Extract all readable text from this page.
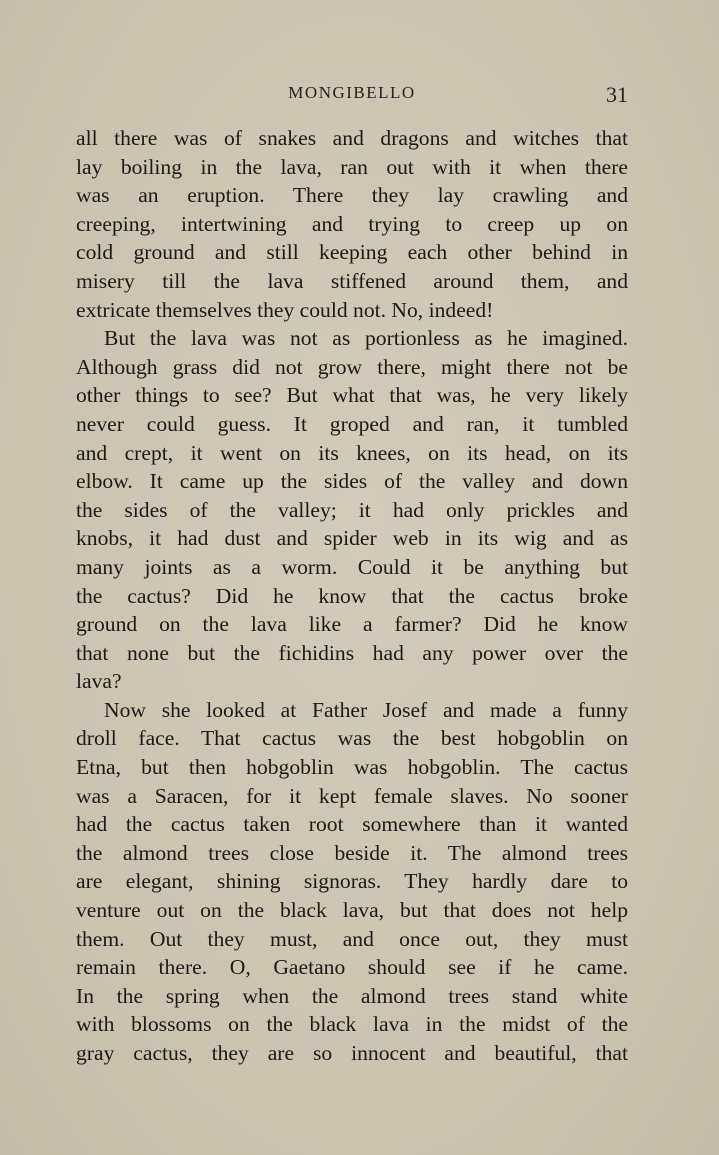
MONGIBELLO	31
all there was of snakes and dragons and witches that
lay boiling in the lava, ran out with it when there
was an eruption. There they lay crawling and
creeping, intertwining and trying to creep up on
cold ground and still keeping each other behind in
misery till the lava stiffened around them, and
extricate themselves they could not. No, indeed!
But the lava was not as portionless as he imagined.
Although grass did not grow there, might there not be
other things to see? But what that was, he very likely
never could guess. It groped and ran, it tumbled
and crept, it went on its knees, on its head, on its
elbow. It came up the sides of the valley and down
the sides of the valley; it had only prickles and
knobs, it had dust and spider web in its wig and as
many joints as a worm. Could it be anything but
the cactus? Did he know that the cactus broke
ground on the lava like a farmer? Did he know
that none but the fichidins had any power over the
lava?
Now she looked at Father Josef and made a funny
droll face. That cactus was the best hobgoblin on
Etna, but then hobgoblin was hobgoblin. The cactus
was a Saracen, for it kept female slaves. No sooner
had the cactus taken root somewhere than it wanted
the almond trees close beside it. The almond trees
are elegant, shining signoras. They hardly dare to
venture out on the black lava, but that does not help
them. Out they must, and once out, they must
remain there. O, Gaetano should see if he came.
In the spring when the almond trees stand white
with blossoms on the black lava in the midst of the
gray cactus, they are so innocent and beautiful, that
